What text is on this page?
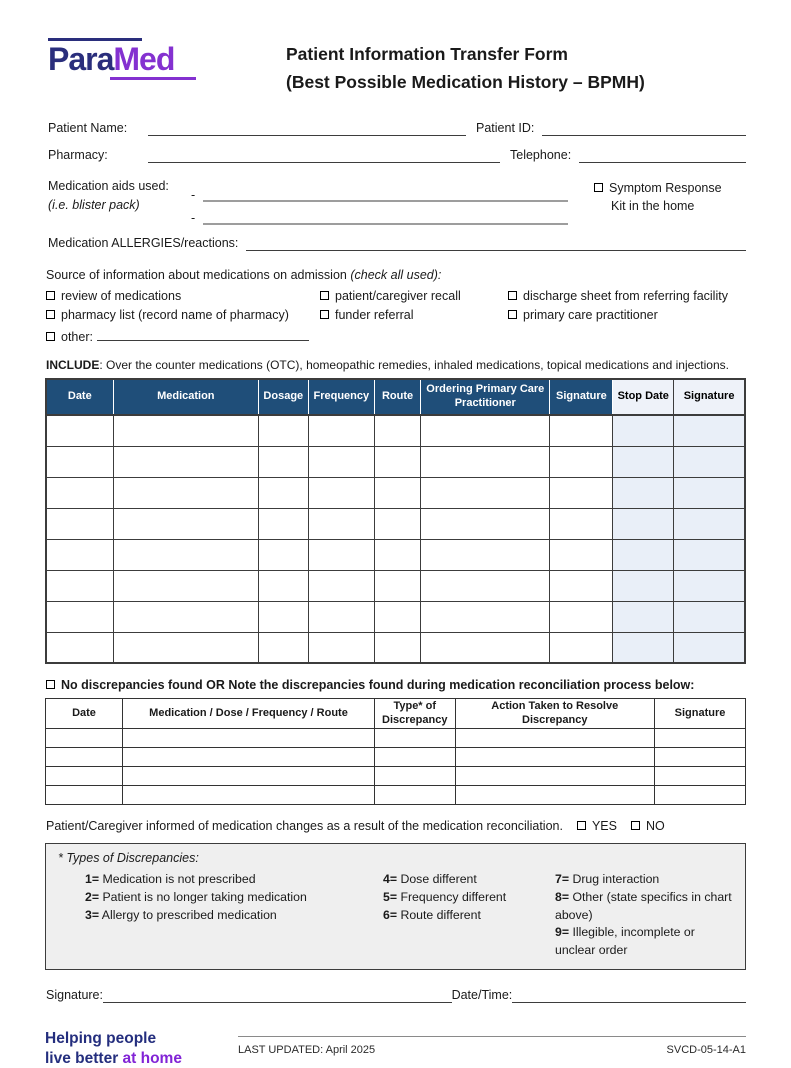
ParaMed	Patient Information Transfer Form
(Best Possible Medication History – BPMH)
Patient Name:	Patient ID:
Pharmacy:	Telephone:
Medication aids used:
(i.e. blister pack)
-
-
Symptom Response
Kit in the home
Medication ALLERGIES/reactions:
Source of information about medications on admission (check all used):
review of medications	patient/caregiver recall	discharge sheet from referring facility
pharmacy list (record name of pharmacy)	funder referral	primary care practitioner
other:

INCLUDE: Over the counter medications (OTC), homeopathic remedies, inhaled medications, topical medications and injections.

Date	Medication	Dosage	Frequency	Route	Ordering Primary Care Practitioner	Signature	Stop Date	Signature

No discrepancies found OR Note the discrepancies found during medication reconciliation process below:
Date	Medication / Dose / Frequency / Route	Type* of Discrepancy	Action Taken to Resolve Discrepancy	Signature

Patient/Caregiver informed of medication changes as a result of the medication reconciliation. YES NO
* Types of Discrepancies:
1= Medication is not prescribed
2= Patient is no longer taking medication
3= Allergy to prescribed medication
4= Dose different
5= Frequency different
6= Route different
7= Drug interaction
8= Other (state specifics in chart above)
9= Illegible, incomplete or unclear order
Signature:	Date/Time:
Helping people
live better at home	LAST UPDATED: April 2025	SVCD-05-14-A1
